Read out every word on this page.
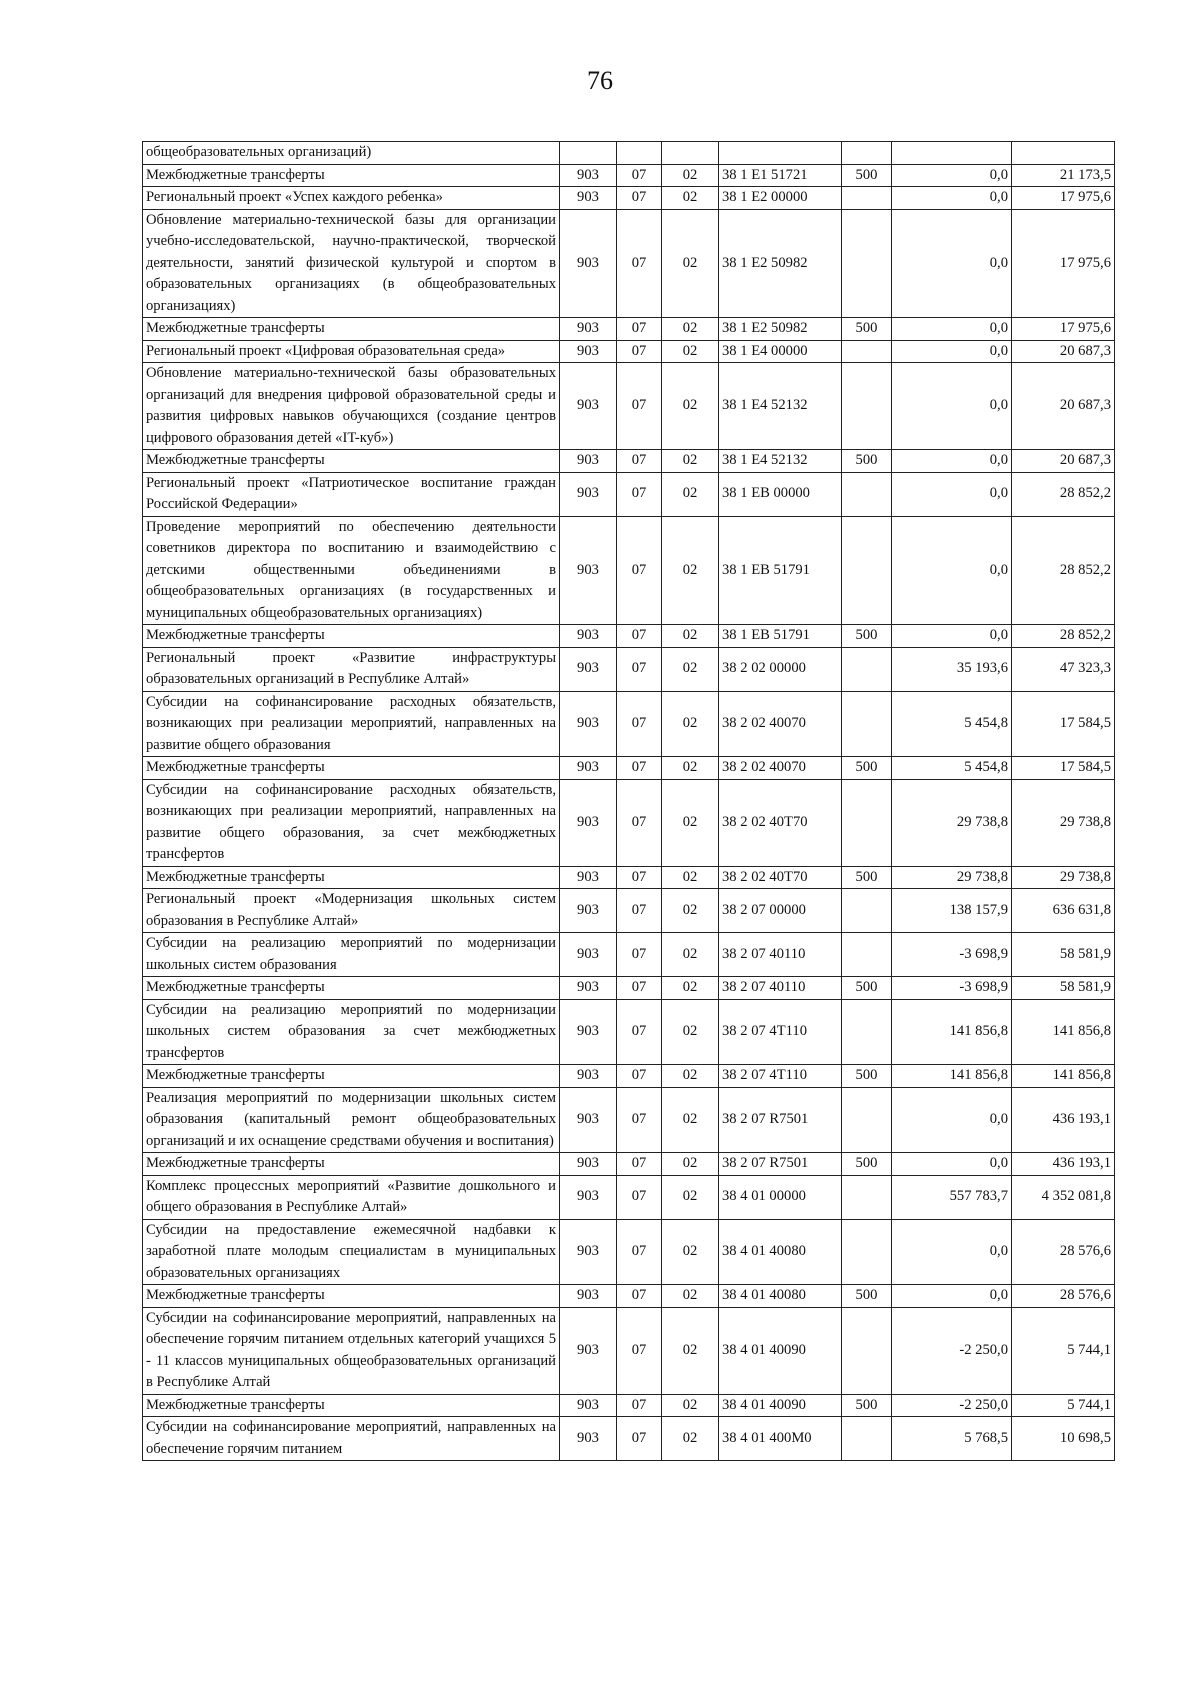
76
общеобразовательных организаций)							
Межбюджетные трансферты	903	07	02	38 1 E1 51721	500	0,0	21 173,5
Региональный проект «Успех каждого ребенка»	903	07	02	38 1 E2 00000		0,0	17 975,6
Обновление материально-технической базы для организации учебно-исследовательской, научно-практической, творческой деятельности, занятий физической культурой и спортом в образовательных организациях (в общеобразовательных организациях)	903	07	02	38 1 E2 50982		0,0	17 975,6
Межбюджетные трансферты	903	07	02	38 1 E2 50982	500	0,0	17 975,6
Региональный проект «Цифровая образовательная среда»	903	07	02	38 1 E4 00000		0,0	20 687,3
Обновление материально-технической базы образовательных организаций для внедрения цифровой образовательной среды и развития цифровых навыков обучающихся (создание центров цифрового образования детей «IT-куб»)	903	07	02	38 1 E4 52132		0,0	20 687,3
Межбюджетные трансферты	903	07	02	38 1 E4 52132	500	0,0	20 687,3
Региональный проект «Патриотическое воспитание граждан Российской Федерации»	903	07	02	38 1 EB 00000		0,0	28 852,2
Проведение мероприятий по обеспечению деятельности советников директора по воспитанию и взаимодействию с детскими общественными объединениями в общеобразовательных организациях (в государственных и муниципальных общеобразовательных организациях)	903	07	02	38 1 EB 51791		0,0	28 852,2
Межбюджетные трансферты	903	07	02	38 1 EB 51791	500	0,0	28 852,2
Региональный проект «Развитие инфраструктуры образовательных организаций в Республике Алтай»	903	07	02	38 2 02 00000		35 193,6	47 323,3
Субсидии на софинансирование расходных обязательств, возникающих при реализации мероприятий, направленных на развитие общего образования	903	07	02	38 2 02 40070		5 454,8	17 584,5
Межбюджетные трансферты	903	07	02	38 2 02 40070	500	5 454,8	17 584,5
Субсидии на софинансирование расходных обязательств, возникающих при реализации мероприятий, направленных на развитие общего образования, за счет межбюджетных трансфертов	903	07	02	38 2 02 40T70		29 738,8	29 738,8
Межбюджетные трансферты	903	07	02	38 2 02 40T70	500	29 738,8	29 738,8
Региональный проект «Модернизация школьных систем образования в Республике Алтай»	903	07	02	38 2 07 00000		138 157,9	636 631,8
Субсидии на реализацию мероприятий по модернизации школьных систем образования	903	07	02	38 2 07 40110		-3 698,9	58 581,9
Межбюджетные трансферты	903	07	02	38 2 07 40110	500	-3 698,9	58 581,9
Субсидии на реализацию мероприятий по модернизации школьных систем образования за счет межбюджетных трансфертов	903	07	02	38 2 07 4T110		141 856,8	141 856,8
Межбюджетные трансферты	903	07	02	38 2 07 4T110	500	141 856,8	141 856,8
Реализация мероприятий по модернизации школьных систем образования (капитальный ремонт общеобразовательных организаций и их оснащение средствами обучения и воспитания)	903	07	02	38 2 07 R7501		0,0	436 193,1
Межбюджетные трансферты	903	07	02	38 2 07 R7501	500	0,0	436 193,1
Комплекс процессных мероприятий «Развитие дошкольного и общего образования в Республике Алтай»	903	07	02	38 4 01 00000		557 783,7	4 352 081,8
Субсидии на предоставление ежемесячной надбавки к заработной плате молодым специалистам в муниципальных образовательных организациях	903	07	02	38 4 01 40080		0,0	28 576,6
Межбюджетные трансферты	903	07	02	38 4 01 40080	500	0,0	28 576,6
Субсидии на софинансирование мероприятий, направленных на обеспечение горячим питанием отдельных категорий учащихся 5 - 11 классов муниципальных общеобразовательных организаций в Республике Алтай	903	07	02	38 4 01 40090		-2 250,0	5 744,1
Межбюджетные трансферты	903	07	02	38 4 01 40090	500	-2 250,0	5 744,1
Субсидии на софинансирование мероприятий, направленных на обеспечение горячим питанием	903	07	02	38 4 01 400M0		5 768,5	10 698,5
